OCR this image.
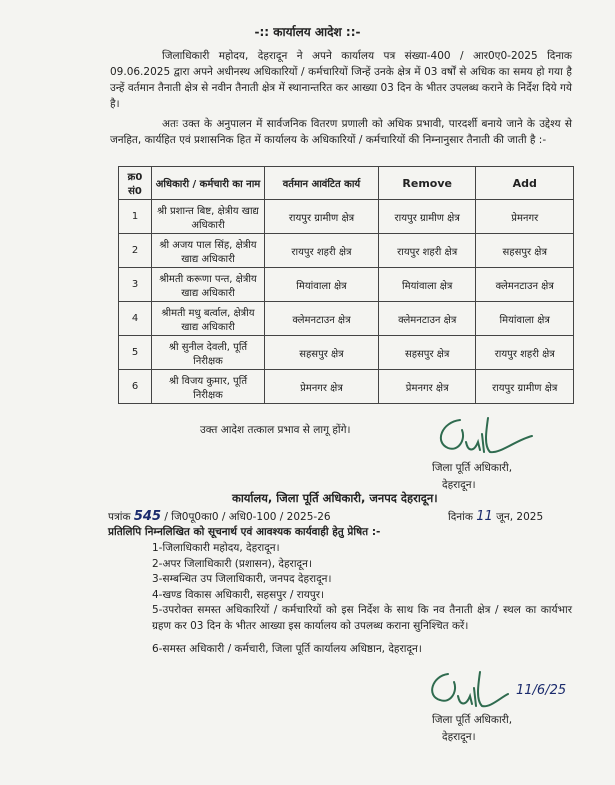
-:: कार्यालय आदेश ::-
जिलाधिकारी महोदय, देहरादून ने अपने कार्यालय पत्र संख्या-400 / आर0ए0-2025 दिनाक 09.06.2025 द्वारा अपने अधीनस्थ अधिकारियों / कर्मचारियों जिन्हें उनके क्षेत्र में 03 वर्षों से अधिक का समय हो गया है उन्हें वर्तमान तैनाती क्षेत्र से नवीन तैनाती क्षेत्र में स्थानान्तरित कर आख्या 03 दिन के भीतर उपलब्ध कराने के निर्देश दिये गये है।
अतः उक्त के अनुपालन में सार्वजनिक वितरण प्रणाली को अधिक प्रभावी, पारदर्शी बनाये जाने के उद्देश्य से जनहित, कार्यहित एवं प्रशासनिक हित में कार्यालय के अधिकारियों / कर्मचारियों की निम्नानुसार तैनाती की जाती है :-
क्र0 सं0	अधिकारी / कर्मचारी का नाम	वर्तमान आवंटित कार्य	Remove	Add
1	श्री प्रशान्त बिष्ट, क्षेत्रीय खाद्य अधिकारी	रायपुर ग्रामीण क्षेत्र	रायपुर ग्रामीण क्षेत्र	प्रेमनगर
2	श्री अजय पाल सिंह, क्षेत्रीय खाद्य अधिकारी	रायपुर शहरी क्षेत्र	रायपुर शहरी क्षेत्र	सहसपुर क्षेत्र
3	श्रीमती करूणा पन्त, क्षेत्रीय खाद्य अधिकारी	मियांवाला क्षेत्र	मियांवाला क्षेत्र	क्लेमनटाउन क्षेत्र
4	श्रीमती मधु बर्त्वाल, क्षेत्रीय खाद्य अधिकारी	क्लेमनटाउन क्षेत्र	क्लेमनटाउन क्षेत्र	मियांवाला क्षेत्र
5	श्री सुनील देवली, पूर्ति निरीक्षक	सहसपुर क्षेत्र	सहसपुर क्षेत्र	रायपुर शहरी क्षेत्र
6	श्री विजय कुमार, पूर्ति निरीक्षक	प्रेमनगर क्षेत्र	प्रेमनगर क्षेत्र	रायपुर ग्रामीण क्षेत्र
उक्त आदेश तत्काल प्रभाव से लागू होंगे।
जिला पूर्ति अधिकारी,
देहरादून।
कार्यालय, जिला पूर्ति अधिकारी, जनपद देहरादून।
पत्रांक 545 / जि0पू0का0 / अधि0-100 / 2025-26	दिनांक 11 जून, 2025
प्रतिलिपि निम्नलिखित को सूचनार्थ एवं आवश्यक कार्यवाही हेतु प्रेषित :-
1-जिलाधिकारी महोदय, देहरादून।
2-अपर जिलाधिकारी (प्रशासन), देहरादून।
3-सम्बन्धित उप जिलाधिकारी, जनपद देहरादून।
4-खण्ड विकास अधिकारी, सहसपुर / रायपुर।
5-उपरोक्त समस्त अधिकारियों / कर्मचारियों को इस निर्देश के साथ कि नव तैनाती क्षेत्र / स्थल का कार्यभार ग्रहण कर 03 दिन के भीतर आख्या इस कार्यालय को उपलब्ध कराना सुनिश्चित करें।
6-समस्त अधिकारी / कर्मचारी, जिला पूर्ति कार्यालय अधिष्ठान, देहरादून।
11/6/25
जिला पूर्ति अधिकारी,
देहरादून।
